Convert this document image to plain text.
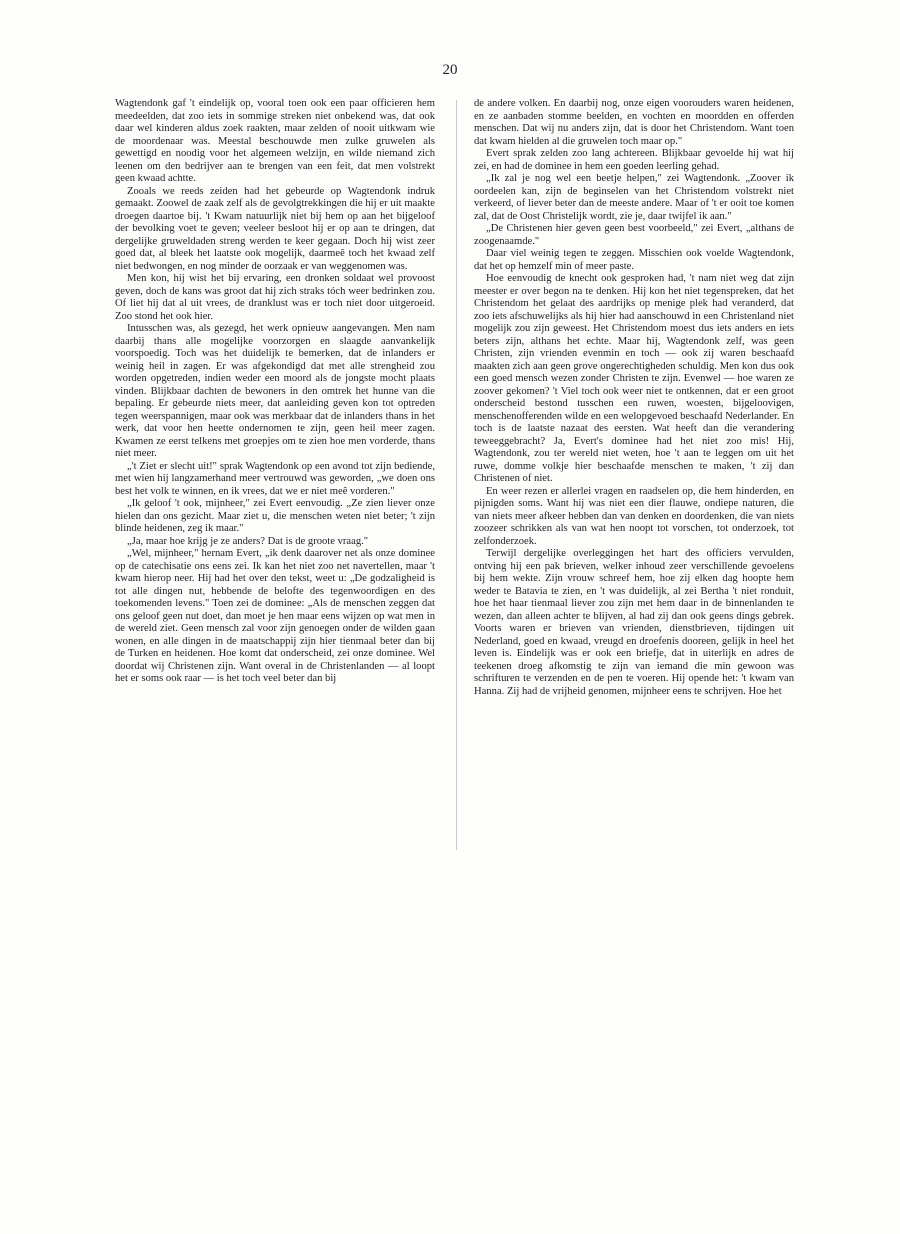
20

Wagtendonk gaf 't eindelijk op, vooral toen ook een paar officieren hem meedeelden, dat zoo iets in sommige streken niet onbekend was, dat ook daar wel kinderen aldus zoek raakten, maar zelden of nooit uitkwam wie de moordenaar was. Meestal beschouwde men zulke gruwelen als gewettigd en noodig voor het algemeen welzijn, en wilde niemand zich leenen om den bedrijver aan te brengen van een feit, dat men volstrekt geen kwaad achtte.

Zooals we reeds zeiden had het gebeurde op Wagtendonk indruk gemaakt. Zoowel de zaak zelf als de gevolgtrekkingen die hij er uit maakte droegen daartoe bij. 't Kwam natuurlijk niet bij hem op aan het bijgeloof der bevolking voet te geven; veeleer besloot hij er op aan te dringen, dat dergelijke gruweldaden streng werden te keer gegaan. Doch hij wist zeer goed dat, al bleek het laatste ook mogelijk, daarmeê toch het kwaad zelf niet bedwongen, en nog minder de oorzaak er van weggenomen was.

Men kon, hij wist het bij ervaring, een dronken soldaat wel provoost geven, doch de kans was groot dat hij zich straks tóch weer bedrinken zou. Of liet hij dat al uit vrees, de dranklust was er toch niet door uitgeroeid. Zoo stond het ook hier.

Intusschen was, als gezegd, het werk opnieuw aangevangen. Men nam daarbij thans alle mogelijke voorzorgen en slaagde aanvankelijk voorspoedig. Toch was het duidelijk te bemerken, dat de inlanders er weinig heil in zagen. Er was afgekondigd dat met alle strengheid zou worden opgetreden, indien weder een moord als de jongste mocht plaats vinden. Blijkbaar dachten de bewoners in den omtrek het hunne van die bepaling. Er gebeurde niets meer, dat aanleiding geven kon tot optreden tegen weerspannigen, maar ook was merkbaar dat de inlanders thans in het werk, dat voor hen heette ondernomen te zijn, geen heil meer zagen. Kwamen ze eerst telkens met groepjes om te zien hoe men vorderde, thans niet meer.

„'t Ziet er slecht uit!" sprak Wagtendonk op een avond tot zijn bediende, met wien hij langzamerhand meer vertrouwd was geworden, „we doen ons best het volk te winnen, en ik vrees, dat we er niet meê vorderen."

„Ik geloof 't ook, mijnheer," zei Evert eenvoudig. „Ze zien liever onze hielen dan ons gezicht. Maar ziet u, die menschen weten niet beter; 't zijn blinde heidenen, zeg ik maar."

„Ja, maar hoe krijg je ze anders? Dat is de groote vraag."

„Wel, mijnheer," hernam Evert, „ik denk daarover net als onze dominee op de catechisatie ons eens zei. Ik kan het niet zoo net navertellen, maar 't kwam hierop neer. Hij had het over den tekst, weet u: „De godzaligheid is tot alle dingen nut, hebbende de belofte des tegenwoordigen en des toekomenden levens." Toen zei de dominee: „Als de menschen zeggen dat ons geloof geen nut doet, dan moet je hen maar eens wijzen op wat men in de wereld ziet. Geen mensch zal voor zijn genoegen onder de wilden gaan wonen, en alle dingen in de maatschappij zijn hier tienmaal beter dan bij de Turken en heidenen. Hoe komt dat onderscheid, zei onze dominee. Wel doordat wij Christenen zijn. Want overal in de Christenlanden — al loopt het er soms ook raar — is het toch veel beter dan bij

de andere volken. En daarbij nog, onze eigen voorouders waren heidenen, en ze aanbaden stomme beelden, en vochten en moordden en offerden menschen. Dat wij nu anders zijn, dat is door het Christendom. Want toen dat kwam hielden al die gruwelen toch maar op."

Evert sprak zelden zoo lang achtereen. Blijkbaar gevoelde hij wat hij zei, en had de dominee in hem een goeden leerling gehad.

„Ik zal je nog wel een beetje helpen," zei Wagtendonk. „Zoover ik oordeelen kan, zijn de beginselen van het Christendom volstrekt niet verkeerd, of liever beter dan de meeste andere. Maar of 't er ooit toe komen zal, dat de Oost Christelijk wordt, zie je, daar twijfel ik aan."

„De Christenen hier geven geen best voorbeeld," zei Evert, „althans de zoogenaamde."

Daar viel weinig tegen te zeggen. Misschien ook voelde Wagtendonk, dat het op hemzelf min of meer paste.

Hoe eenvoudig de knecht ook gesproken had, 't nam niet weg dat zijn meester er over begon na te denken. Hij kon het niet tegenspreken, dat het Christendom het gelaat des aardrijks op menige plek had veranderd, dat zoo iets afschuwelijks als hij hier had aanschouwd in een Christenland niet mogelijk zou zijn geweest. Het Christendom moest dus iets anders en iets beters zijn, althans het echte. Maar hij, Wagtendonk zelf, was geen Christen, zijn vrienden evenmin en toch — ook zij waren beschaafd maakten zich aan geen grove ongerechtigheden schuldig. Men kon dus ook een goed mensch wezen zonder Christen te zijn. Evenwel — hoe waren ze zoover gekomen? 't Viel toch ook weer niet te ontkennen, dat er een groot onderscheid bestond tusschen een ruwen, woesten, bijgeloovigen, menschenofferenden wilde en een welopgevoed beschaafd Nederlander. En toch is de laatste nazaat des eersten. Wat heeft dan die verandering teweeggebracht? Ja, Evert's dominee had het niet zoo mis! Hij, Wagtendonk, zou ter wereld niet weten, hoe 't aan te leggen om uit het ruwe, domme volkje hier beschaafde menschen te maken, 't zij dan Christenen of niet.

En weer rezen er allerlei vragen en raadselen op, die hem hinderden, en pijnigden soms. Want hij was niet een dier flauwe, ondiepe naturen, die van niets meer afkeer hebben dan van denken en doordenken, die van niets zoozeer schrikken als van wat hen noopt tot vorschen, tot onderzoek, tot zelfonderzoek.

Terwijl dergelijke overleggingen het hart des officiers vervulden, ontving hij een pak brieven, welker inhoud zeer verschillende gevoelens bij hem wekte. Zijn vrouw schreef hem, hoe zij elken dag hoopte hem weder te Batavia te zien, en 't was duidelijk, al zei Bertha 't niet ronduit, hoe het haar tienmaal liever zou zijn met hem daar in de binnenlanden te wezen, dan alleen achter te blijven, al had zij dan ook geens dings gebrek. Voorts waren er brieven van vrienden, dienstbrieven, tijdingen uit Nederland, goed en kwaad, vreugd en droefenis dooreen, gelijk in heel het leven is. Eindelijk was er ook een briefje, dat in uiterlijk en adres de teekenen droeg afkomstig te zijn van iemand die min gewoon was schrifturen te verzenden en de pen te voeren. Hij opende het: 't kwam van Hanna. Zij had de vrijheid genomen, mijnheer eens te schrijven. Hoe het
